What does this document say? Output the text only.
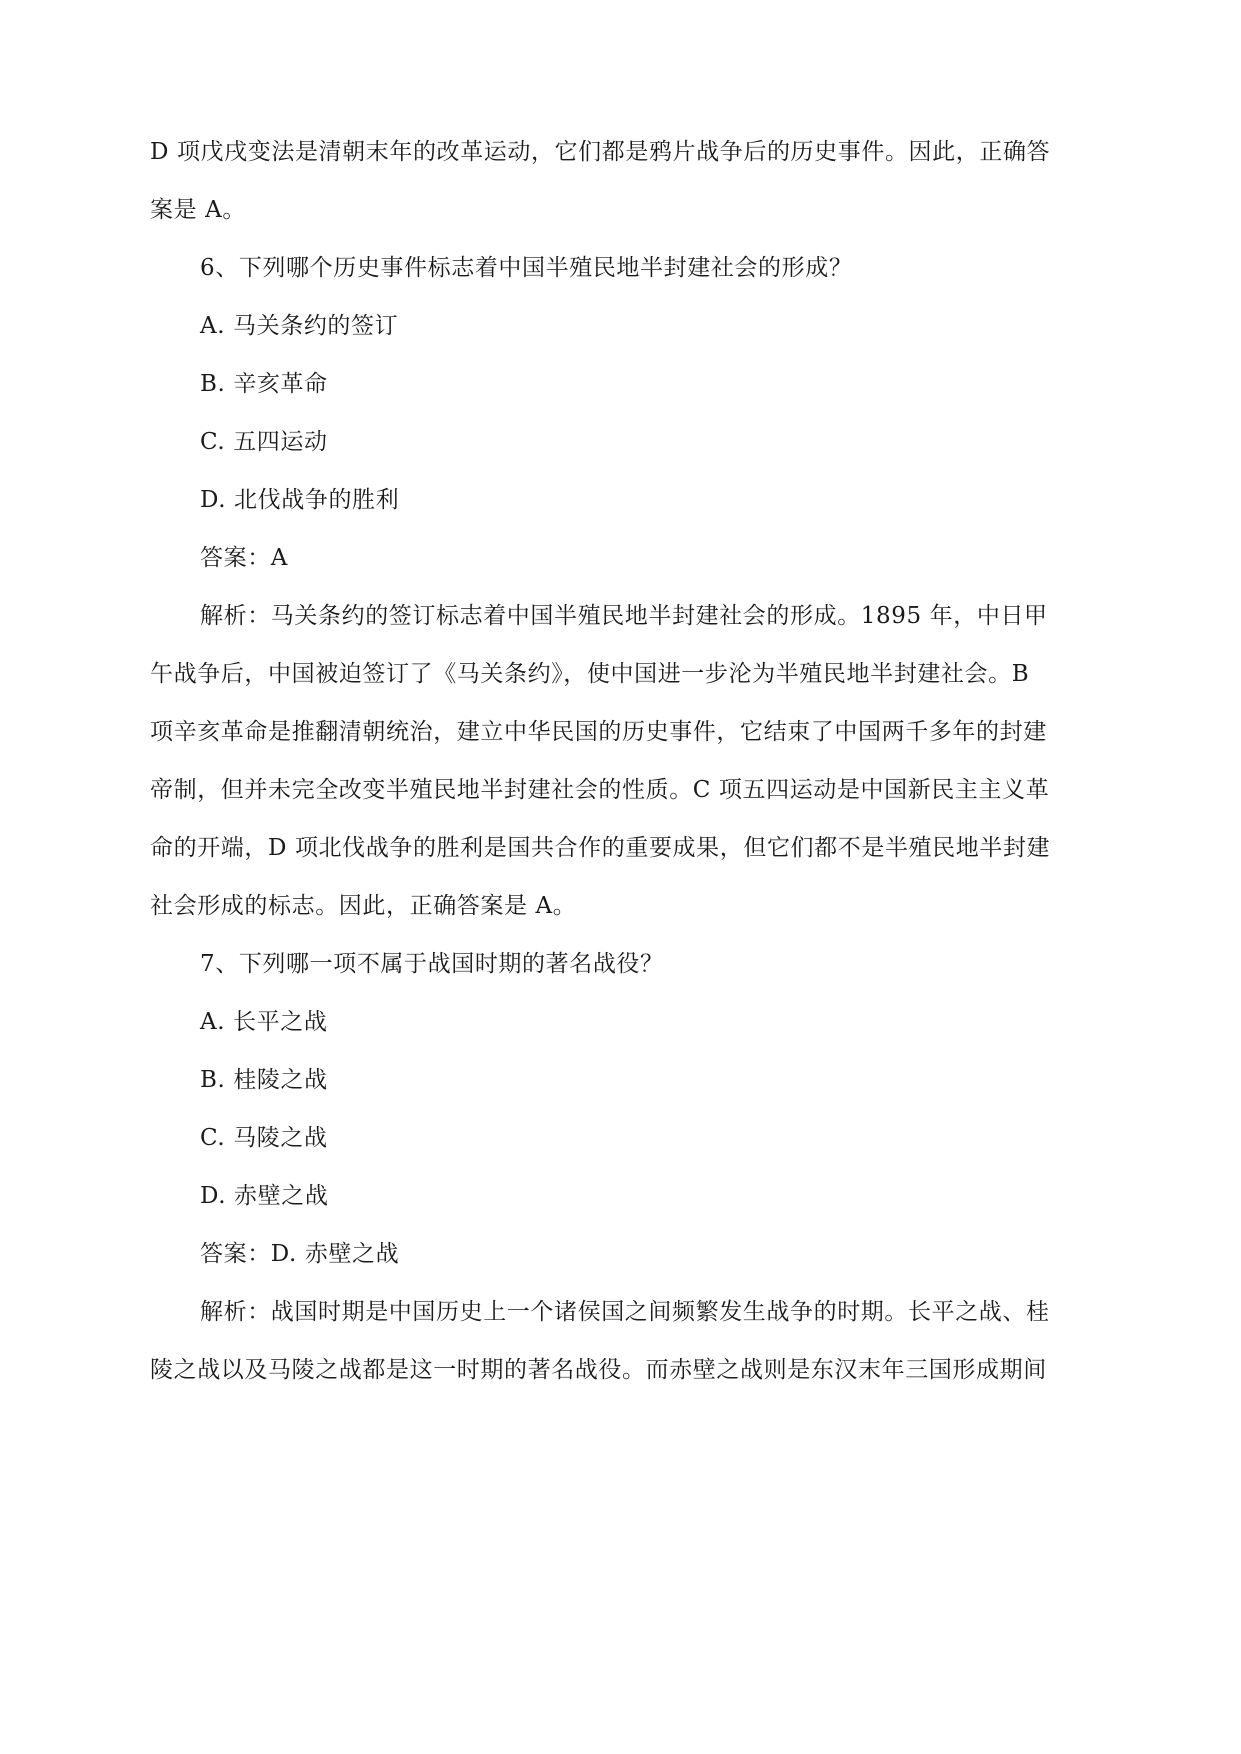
D 项戊戌变法是清朝末年的改革运动，它们都是鸦片战争后的历史事件。因此，正确答
案是 A。
6、下列哪个历史事件标志着中国半殖民地半封建社会的形成？
A. 马关条约的签订
B. 辛亥革命
C. 五四运动
D. 北伐战争的胜利
答案：A
解析：马关条约的签订标志着中国半殖民地半封建社会的形成。1895 年，中日甲
午战争后，中国被迫签订了《马关条约》，使中国进一步沦为半殖民地半封建社会。B
项辛亥革命是推翻清朝统治，建立中华民国的历史事件，它结束了中国两千多年的封建
帝制，但并未完全改变半殖民地半封建社会的性质。C 项五四运动是中国新民主主义革
命的开端，D 项北伐战争的胜利是国共合作的重要成果，但它们都不是半殖民地半封建
社会形成的标志。因此，正确答案是 A。
7、下列哪一项不属于战国时期的著名战役？
A. 长平之战
B. 桂陵之战
C. 马陵之战
D. 赤壁之战
答案：D. 赤壁之战
解析：战国时期是中国历史上一个诸侯国之间频繁发生战争的时期。长平之战、桂
陵之战以及马陵之战都是这一时期的著名战役。而赤壁之战则是东汉末年三国形成期间
